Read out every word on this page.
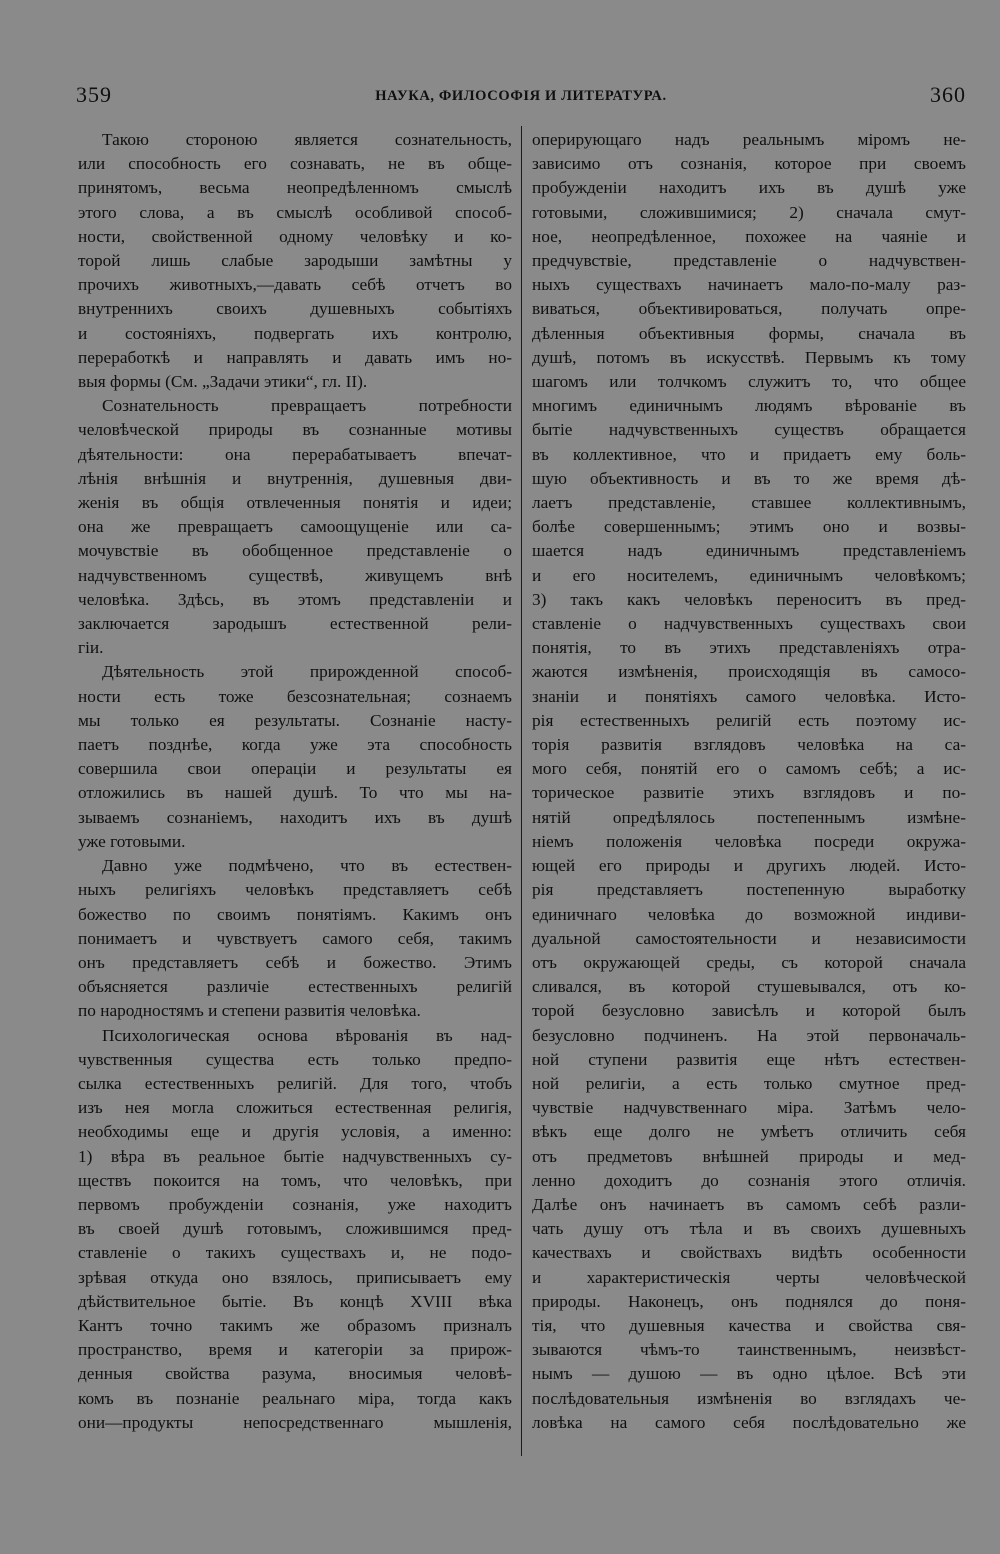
359	НАУКА, ФИЛОСОФІЯ И ЛИТЕРАТУРА.	360

Такою стороною является сознательность,

или способность его сознавать, не въ обще-

принятомъ, весьма неопредѣленномъ смыслѣ

этого слова, а въ смыслѣ особливой способ-

ности, свойственной одному человѣку и ко-

торой лишь слабые зародыши замѣтны у

прочихъ животныхъ,—давать себѣ отчетъ во

внутреннихъ своихъ душевныхъ событіяхъ

и состояніяхъ, подвергать ихъ контролю,

переработкѣ и направлять и давать имъ но-

выя формы (См. „Задачи этики“, гл. II).

Сознательность превращаетъ потребности

человѣческой природы въ сознанные мотивы

дѣятельности: она перерабатываетъ впечат-

лѣнія внѣшнія и внутреннія, душевныя дви-

женія въ общія отвлеченныя понятія и идеи;

она же превращаетъ самоощущеніе или са-

мочувствіе въ обобщенное представленіе о

надчувственномъ существѣ, живущемъ внѣ

человѣка. Здѣсь, въ этомъ представленіи и

заключается зародышъ естественной рели-

гіи.

Дѣятельность этой прирожденной способ-

ности есть тоже безсознательная; сознаемъ

мы только ея результаты. Сознаніе насту-

паетъ позднѣе, когда уже эта способность

совершила свои операціи и результаты ея

отложились въ нашей душѣ. То что мы на-

зываемъ сознаніемъ, находитъ ихъ въ душѣ

уже готовыми.

Давно уже подмѣчено, что въ естествен-

ныхъ религіяхъ человѣкъ представляетъ себѣ

божество по своимъ понятіямъ. Какимъ онъ

понимаетъ и чувствуетъ самого себя, такимъ

онъ представляетъ себѣ и божество. Этимъ

объясняется различіе естественныхъ религій

по народностямъ и степени развитія человѣка.

Психологическая основа вѣрованія въ над-

чувственныя существа есть только предпо-

сылка естественныхъ религій. Для того, чтобъ

изъ нея могла сложиться естественная религія,

необходимы еще и другія условія, а именно:

1) вѣра въ реальное бытіе надчувственныхъ су-

ществъ покоится на томъ, что человѣкъ, при

первомъ пробужденіи сознанія, уже находитъ

въ своей душѣ готовымъ, сложившимся пред-

ставленіе о такихъ существахъ и, не подо-

зрѣвая откуда оно взялось, приписываетъ ему

дѣйствительное бытіе. Въ концѣ XVIII вѣка

Кантъ точно такимъ же образомъ призналъ

пространство, время и категоріи за прирож-

денныя свойства разума, вносимыя человѣ-

комъ въ познаніе реальнаго міра, тогда какъ

они—продукты непосредственнаго мышленія,

оперирующаго надъ реальнымъ міромъ не-

зависимо отъ сознанія, которое при своемъ

пробужденіи находитъ ихъ въ душѣ уже

готовыми, сложившимися; 2) сначала смут-

ное, неопредѣленное, похожее на чаяніе и

предчувствіе, представленіе о надчувствен-

ныхъ существахъ начинаетъ мало-по-малу раз-

виваться, объективироваться, получать опре-

дѣленныя объективныя формы, сначала въ

душѣ, потомъ въ искусствѣ. Первымъ къ тому

шагомъ или толчкомъ служитъ то, что общее

многимъ единичнымъ людямъ вѣрованіе въ

бытіе надчувственныхъ существъ обращается

въ коллективное, что и придаетъ ему боль-

шую объективность и въ то же время дѣ-

лаетъ представленіе, ставшее коллективнымъ,

болѣе совершеннымъ; этимъ оно и возвы-

шается надъ единичнымъ представленіемъ

и его носителемъ, единичнымъ человѣкомъ;

3) такъ какъ человѣкъ переноситъ въ пред-

ставленіе о надчувственныхъ существахъ свои

понятія, то въ этихъ представленіяхъ отра-

жаются измѣненія, происходящія въ самосо-

знаніи и понятіяхъ самого человѣка. Исто-

рія естественныхъ религій есть поэтому ис-

торія развитія взглядовъ человѣка на са-

мого себя, понятій его о самомъ себѣ; а ис-

торическое развитіе этихъ взглядовъ и по-

нятій опредѣлялось постепеннымъ измѣне-

ніемъ положенія человѣка посреди окружа-

ющей его природы и другихъ людей. Исто-

рія представляетъ постепенную выработку

единичнаго человѣка до возможной индиви-

дуальной самостоятельности и независимости

отъ окружающей среды, съ которой сначала

сливался, въ которой стушевывался, отъ ко-

торой безусловно зависѣлъ и которой былъ

безусловно подчиненъ. На этой первоначаль-

ной ступени развитія еще нѣтъ естествен-

ной религіи, а есть только смутное пред-

чувствіе надчувственнаго міра. Затѣмъ чело-

вѣкъ еще долго не умѣетъ отличить себя

отъ предметовъ внѣшней природы и мед-

ленно доходитъ до сознанія этого отличія.

Далѣе онъ начинаетъ въ самомъ себѣ разли-

чать душу отъ тѣла и въ своихъ душевныхъ

качествахъ и свойствахъ видѣть особенности

и характеристическія черты человѣческой

природы. Наконецъ, онъ поднялся до поня-

тія, что душевныя качества и свойства свя-

зываются чѣмъ-то таинственнымъ, неизвѣст-

нымъ — душою — въ одно цѣлое. Всѣ эти

послѣдовательныя измѣненія во взглядахъ че-

ловѣка на самого себя послѣдовательно же
